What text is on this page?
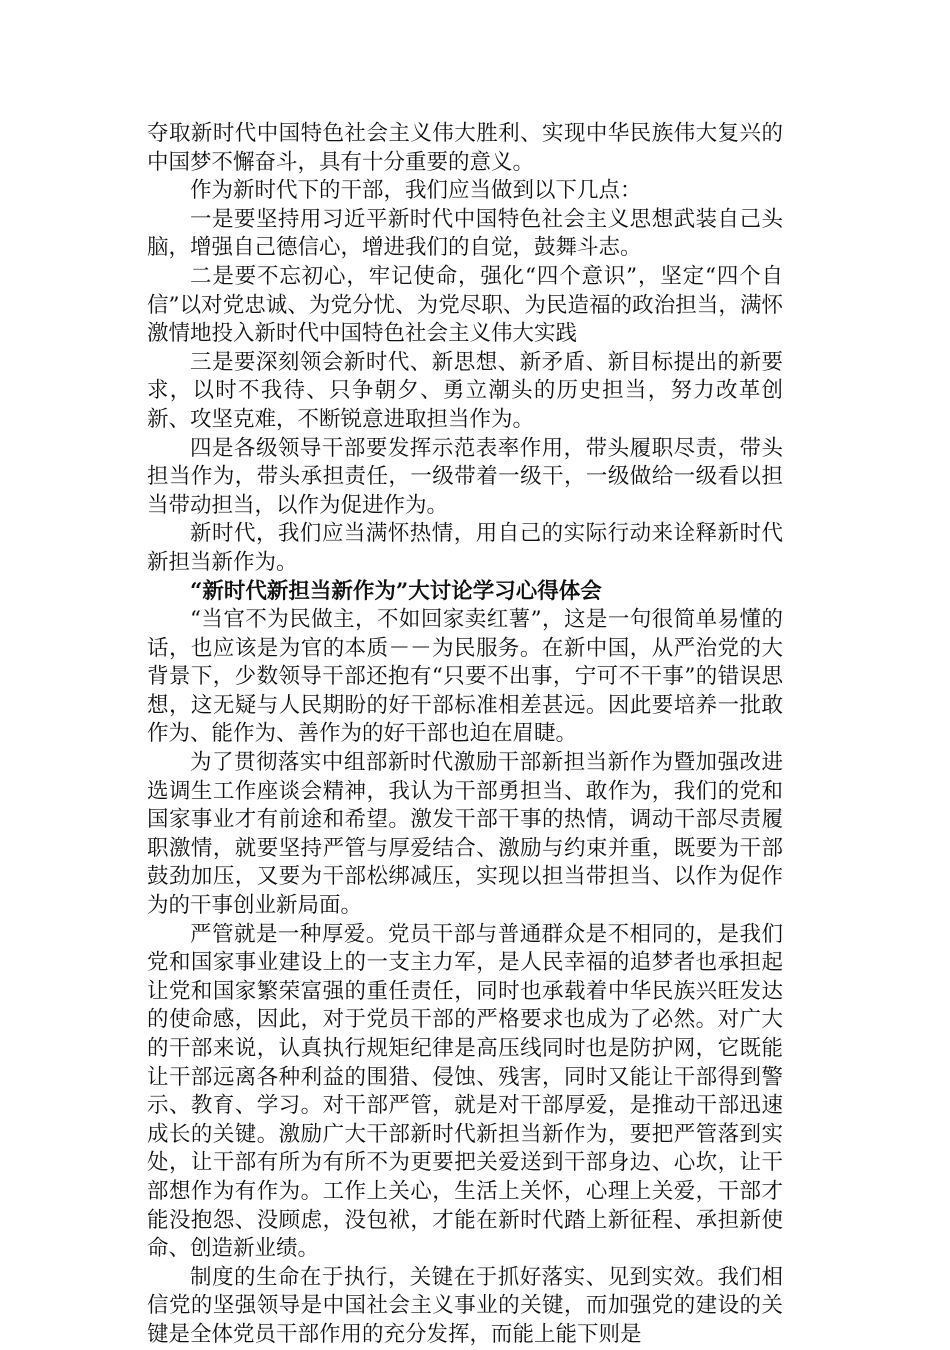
夺取新时代中国特色社会主义伟大胜利、实现中华民族伟大复兴的中国梦不懈奋斗，具有十分重要的意义。

作为新时代下的干部，我们应当做到以下几点：

一是要坚持用习近平新时代中国特色社会主义思想武装自己头脑，增强自己德信心，增进我们的自觉，鼓舞斗志。

二是要不忘初心，牢记使命，强化“四个意识”，坚定“四个自信”以对党忠诚、为党分忧、为党尽职、为民造福的政治担当，满怀激情地投入新时代中国特色社会主义伟大实践

三是要深刻领会新时代、新思想、新矛盾、新目标提出的新要求，以时不我待、只争朝夕、勇立潮头的历史担当，努力改革创新、攻坚克难，不断锐意进取担当作为。

四是各级领导干部要发挥示范表率作用，带头履职尽责，带头担当作为，带头承担责任，一级带着一级干，一级做给一级看以担当带动担当，以作为促进作为。

新时代，我们应当满怀热情，用自己的实际行动来诠释新时代新担当新作为。

“新时代新担当新作为”大讨论学习心得体会

“当官不为民做主，不如回家卖红薯”，这是一句很简单易懂的话，也应该是为官的本质－－为民服务。在新中国，从严治党的大背景下，少数领导干部还抱有“只要不出事，宁可不干事”的错误思想，这无疑与人民期盼的好干部标准相差甚远。因此要培养一批敢作为、能作为、善作为的好干部也迫在眉睫。

为了贯彻落实中组部新时代激励干部新担当新作为暨加强改进选调生工作座谈会精神，我认为干部勇担当、敢作为，我们的党和国家事业才有前途和希望。激发干部干事的热情，调动干部尽责履职激情，就要坚持严管与厚爱结合、激励与约束并重，既要为干部鼓劲加压，又要为干部松绑减压，实现以担当带担当、以作为促作为的干事创业新局面。

严管就是一种厚爱。党员干部与普通群众是不相同的，是我们党和国家事业建设上的一支主力军，是人民幸福的追梦者也承担起让党和国家繁荣富强的重任责任，同时也承载着中华民族兴旺发达的使命感，因此，对于党员干部的严格要求也成为了必然。对广大的干部来说，认真执行规矩纪律是高压线同时也是防护网，它既能让干部远离各种利益的围猎、侵蚀、残害，同时又能让干部得到警示、教育、学习。对干部严管，就是对干部厚爱，是推动干部迅速成长的关键。激励广大干部新时代新担当新作为，要把严管落到实处，让干部有所为有所不为更要把关爱送到干部身边、心坎，让干部想作为有作为。工作上关心，生活上关怀，心理上关爱，干部才能没抱怨、没顾虑，没包袱，才能在新时代踏上新征程、承担新使命、创造新业绩。

制度的生命在于执行，关键在于抓好落实、见到实效。我们相信党的坚强领导是中国社会主义事业的关键，而加强党的建设的关键是全体党员干部作用的充分发挥，而能上能下则是
